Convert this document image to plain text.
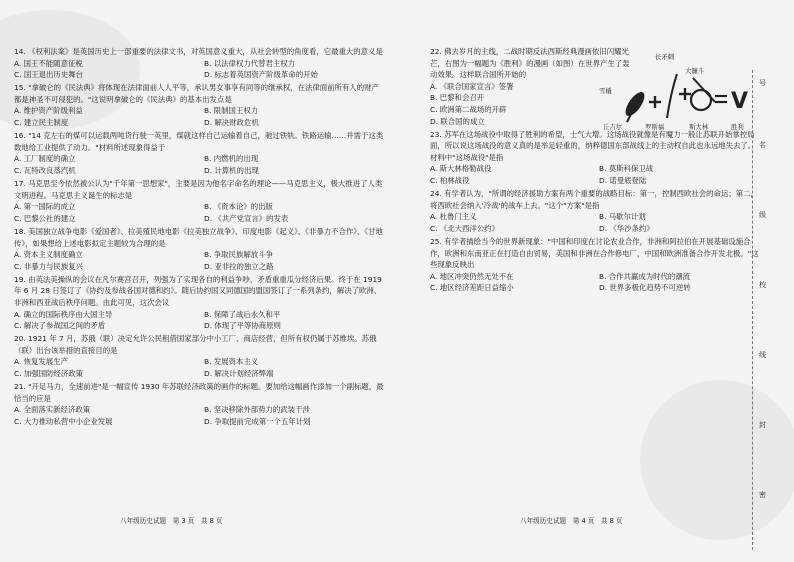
14. 《权利法案》是英国历史上一部重要的法律文书，对英国意义重大，从社会转型的角度看，它最重大的意义是
A. 国王不能随意征税	B. 以法律权力代替君主权力
C. 国王退出历史舞台	D. 标志着英国资产阶级革命的开始
15. "拿破仑的《民法典》将体现在法律面前人人平等，承认男女事享有同等的继承权，在法律面前所有人的财产都是神圣不可侵犯的。"这说明拿破仑的《民法典》的基本出发点是
A. 维护资产阶级利益	B. 限制国王权力
C. 建立民主制度	D. 解决财政危机
16. "14 克左右的煤可以运载两吨货行驶一英里，煤就这样自己运输着自己，驰过铁轨。铁路运输……并需于这类数地给工业提供了动力。"材料所述现象得益于
A. 工厂制度的确立	B. 内燃机的出现
C. 瓦特改良蒸汽机	D. 计算机的出现
17. 马克思至今依然被公认为"千年第一思想家"，主要是因为他名字命名的理论——马克思主义，极大推进了人类文明进程。马克思主义诞生的标志是
A. 第一国际的成立	B. 《资本论》的出版
C. 巴黎公社的建立	D. 《共产党宣言》的发表
18. 美国独立战争电影《爱国者》、拉美殖民地电影《拉美独立战争》、印度电影《起义》、《非暴力不合作》、《甘地传》，如果想给上述电影拟定主题较为合理的是
A. 资本主义制度确立	B. 争取民族解放斗争
C. 非暴力与民族复兴	D. 亚非拉的独立之路
19. 由英法美操纵的会议在凡尔赛宫召开，列强为了实现各自的利益争吵，矛盾重重瓜分经济后果。终于在 1919 年 6 月 28 日签订了《协约及参战各国对德和约》。随后协约国又同德国的盟国签订了一系列条约，解决了欧洲、非洲和西亚战后秩序问题。由此可见，这次会议
A. 确立的国际秩序由大国主导	B. 保障了战后永久和平
C. 解决了参战国之间的矛盾	D. 体现了平等协商原则
20. 1921 年 7 月，苏俄（联）决定允许公民租借国家部分中小工厂、商店经营，但所有权仍属于苏维埃。苏俄（联）出台该举措的直接目的是
A. 恢复发展生产	B. 发展资本主义
C. 加强国防经济政策	D. 解决计划经济弊端
21. "开足马力，全速前进"是一幅宣传 1930 年苏联经济政策的画作的标题。要加给这幅画作添加一个副标题，最恰当的应是
A. 全面落实新经济政策	B. 坚决移除外部势力的武装干涉
C. 大力推动私营中小企业发展	D. 争取提前完成第一个五年计划
八年级历史试题　第 3 页　共 8 页
22. 佛去岁月的主线，二战时期反法西斯经典漫画依旧闪耀光芒，右图为一幅题为《胜利》的漫画（如图）在世界产生了轰动效果。这样联合国所开始的
A. 《联合国家宣言》签署
B. 巴黎和会召开
C. 欧洲第二战场的开辟
D. 联合国的成立
23. 苏军在这场战役中取得了胜利的希望，士气大增。这场战役就像是有魔力一般让苏联开始掌控局面，所以说这场战役的意义真的是举足轻重的，纳粹德国东部战线上的主动权自此也永远地失去了。材料中"这场战役"是指
A. 斯大林格勒战役	B. 莫斯科保卫战
C. 柏林战役	D. 诺曼底登陆
24. 有学者认为，"所谓的经济援助方案有两个重要的战略目标：第一，控制西欧社会的命运；第二，将西欧社会纳入'冷战'的战车上去。"这个"方案"是指
A. 杜鲁门主义	B. 马歇尔计划
C. 《北大西洋公约》	D. 《华沙条约》
25. 有学者描绘当今的世界新现象："中国和印度在讨论农业合作，非洲和阿拉伯在开展基础设施合作，欧洲和东南亚正在打造自由贸易，美国和非洲在合作修电厂，中国和欧洲准备合作开发北极。"这些现象反映出
A. 地区冲突仍然无处不在	B. 合作共赢成为时代的潮流
C. 地区经济差距日益缩小	D. 世界多极化趋势不可逆转
V
长矛刺
大镰斗
雪橇
丘吉尔	罗斯福	斯大林	胜利
八年级历史试题　第 4 页　共 8 页
号
名
级
校
线
封
密
